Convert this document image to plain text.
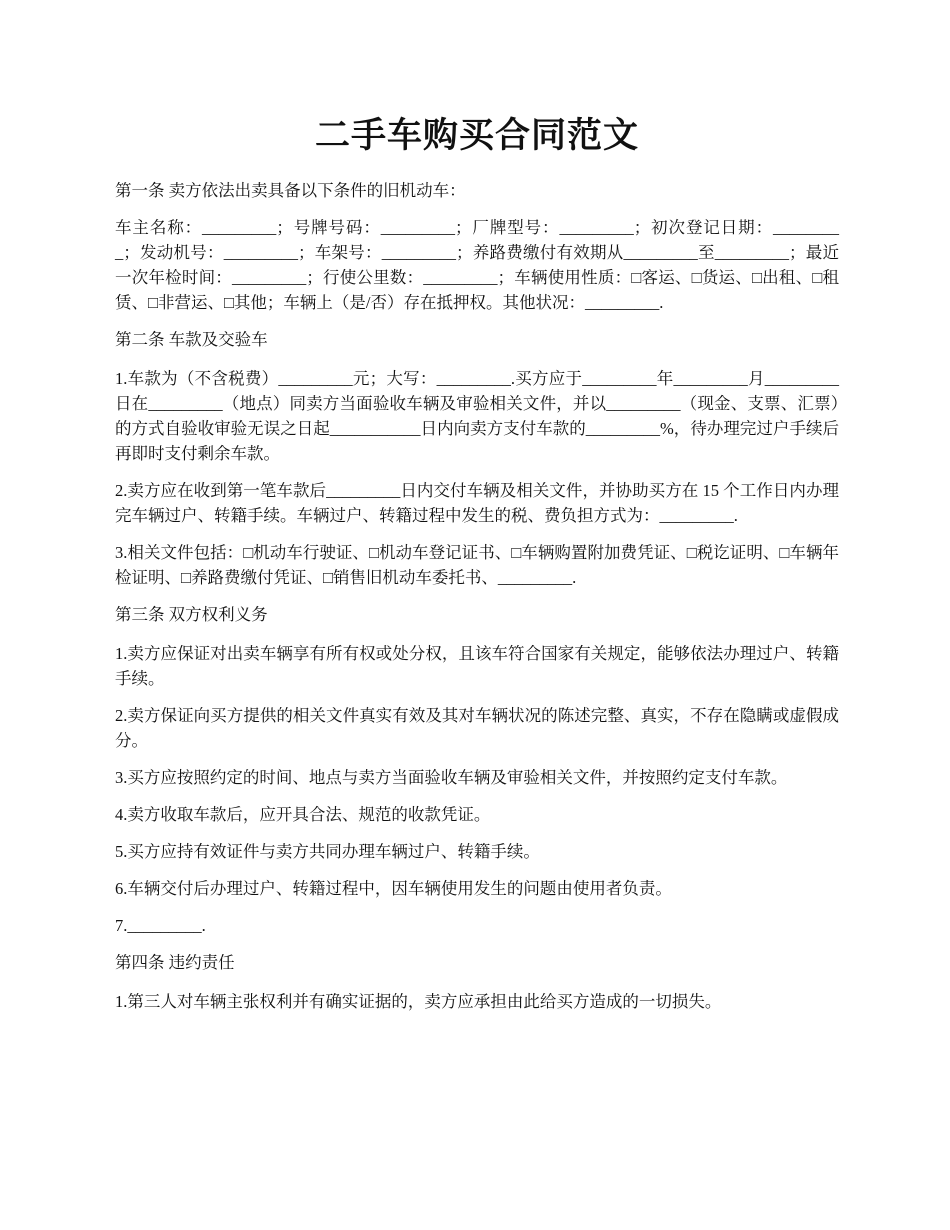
二手车购买合同范文

第一条 卖方依法出卖具备以下条件的旧机动车：

车主名称：_________；号牌号码：_________；厂牌型号：_________；初次登记日期：_________；发动机号：_________；车架号：_________；养路费缴付有效期从_________至_________；最近一次年检时间：_________；行使公里数：_________；车辆使用性质：□客运、□货运、□出租、□租赁、□非营运、□其他；车辆上（是/否）存在抵押权。其他状况：_________.

第二条 车款及交验车

1.车款为（不含税费）_________元；大写：_________.买方应于_________年_________月_________日在_________（地点）同卖方当面验收车辆及审验相关文件，并以_________（现金、支票、汇票）的方式自验收审验无误之日起___________日内向卖方支付车款的_________%，待办理完过户手续后再即时支付剩余车款。

2.卖方应在收到第一笔车款后_________日内交付车辆及相关文件，并协助买方在 15 个工作日内办理完车辆过户、转籍手续。车辆过户、转籍过程中发生的税、费负担方式为：_________.

3.相关文件包括：□机动车行驶证、□机动车登记证书、□车辆购置附加费凭证、□税讫证明、□车辆年检证明、□养路费缴付凭证、□销售旧机动车委托书、_________.

第三条 双方权利义务

1.卖方应保证对出卖车辆享有所有权或处分权，且该车符合国家有关规定，能够依法办理过户、转籍手续。

2.卖方保证向买方提供的相关文件真实有效及其对车辆状况的陈述完整、真实，不存在隐瞒或虚假成分。

3.买方应按照约定的时间、地点与卖方当面验收车辆及审验相关文件，并按照约定支付车款。

4.卖方收取车款后，应开具合法、规范的收款凭证。

5.买方应持有效证件与卖方共同办理车辆过户、转籍手续。

6.车辆交付后办理过户、转籍过程中，因车辆使用发生的问题由使用者负责。

7._________.

第四条 违约责任

1.第三人对车辆主张权利并有确实证据的，卖方应承担由此给买方造成的一切损失。
